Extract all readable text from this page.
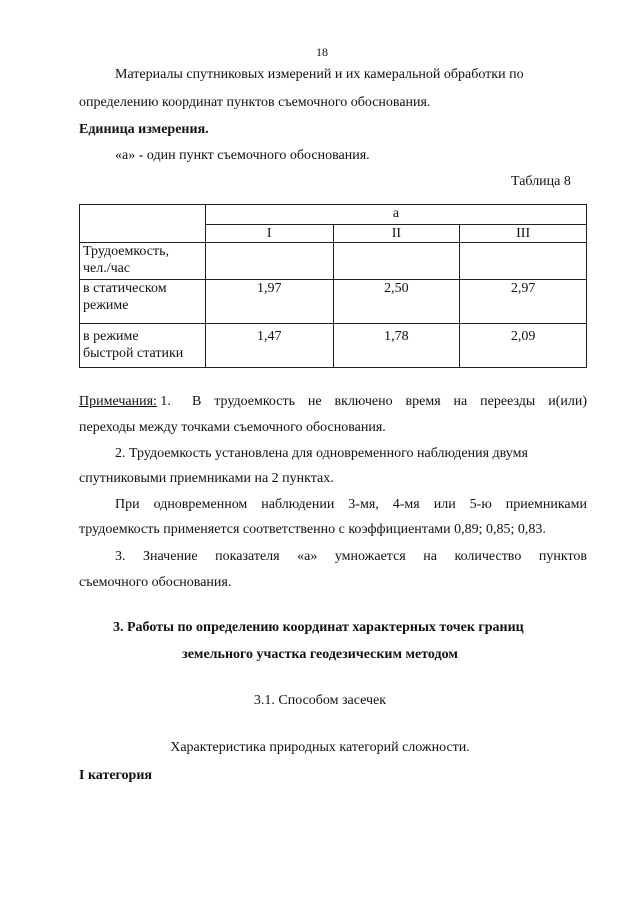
18
Материалы спутниковых измерений и их камеральной обработки по
определению координат пунктов съемочного обоснования.
Единица измерения.
«а» - один пункт съемочного обоснования.
Таблица 8
	а		
	I	II	III
Трудоемкость,
чел./час			
в статическом
режиме	1,97	2,50	2,97
в режиме
быстрой статики	1,47	1,78	2,09
Примечания: 1.	В трудоемкость не включено время на переезды и(или)
переходы между точками съемочного обоснования.
2. Трудоемкость установлена для одновременного наблюдения двумя
спутниковыми приемниками на 2 пунктах.
При одновременном наблюдении 3-мя, 4-мя или 5-ю приемниками
трудоемкость применяется соответственно с коэффициентами 0,89; 0,85; 0,83.
3. Значение показателя «а» умножается на количество пунктов
съемочного обоснования.
3. Работы по определению координат характерных точек границ
земельного участка геодезическим методом
3.1. Способом засечек
Характеристика природных категорий сложности.
I категория
